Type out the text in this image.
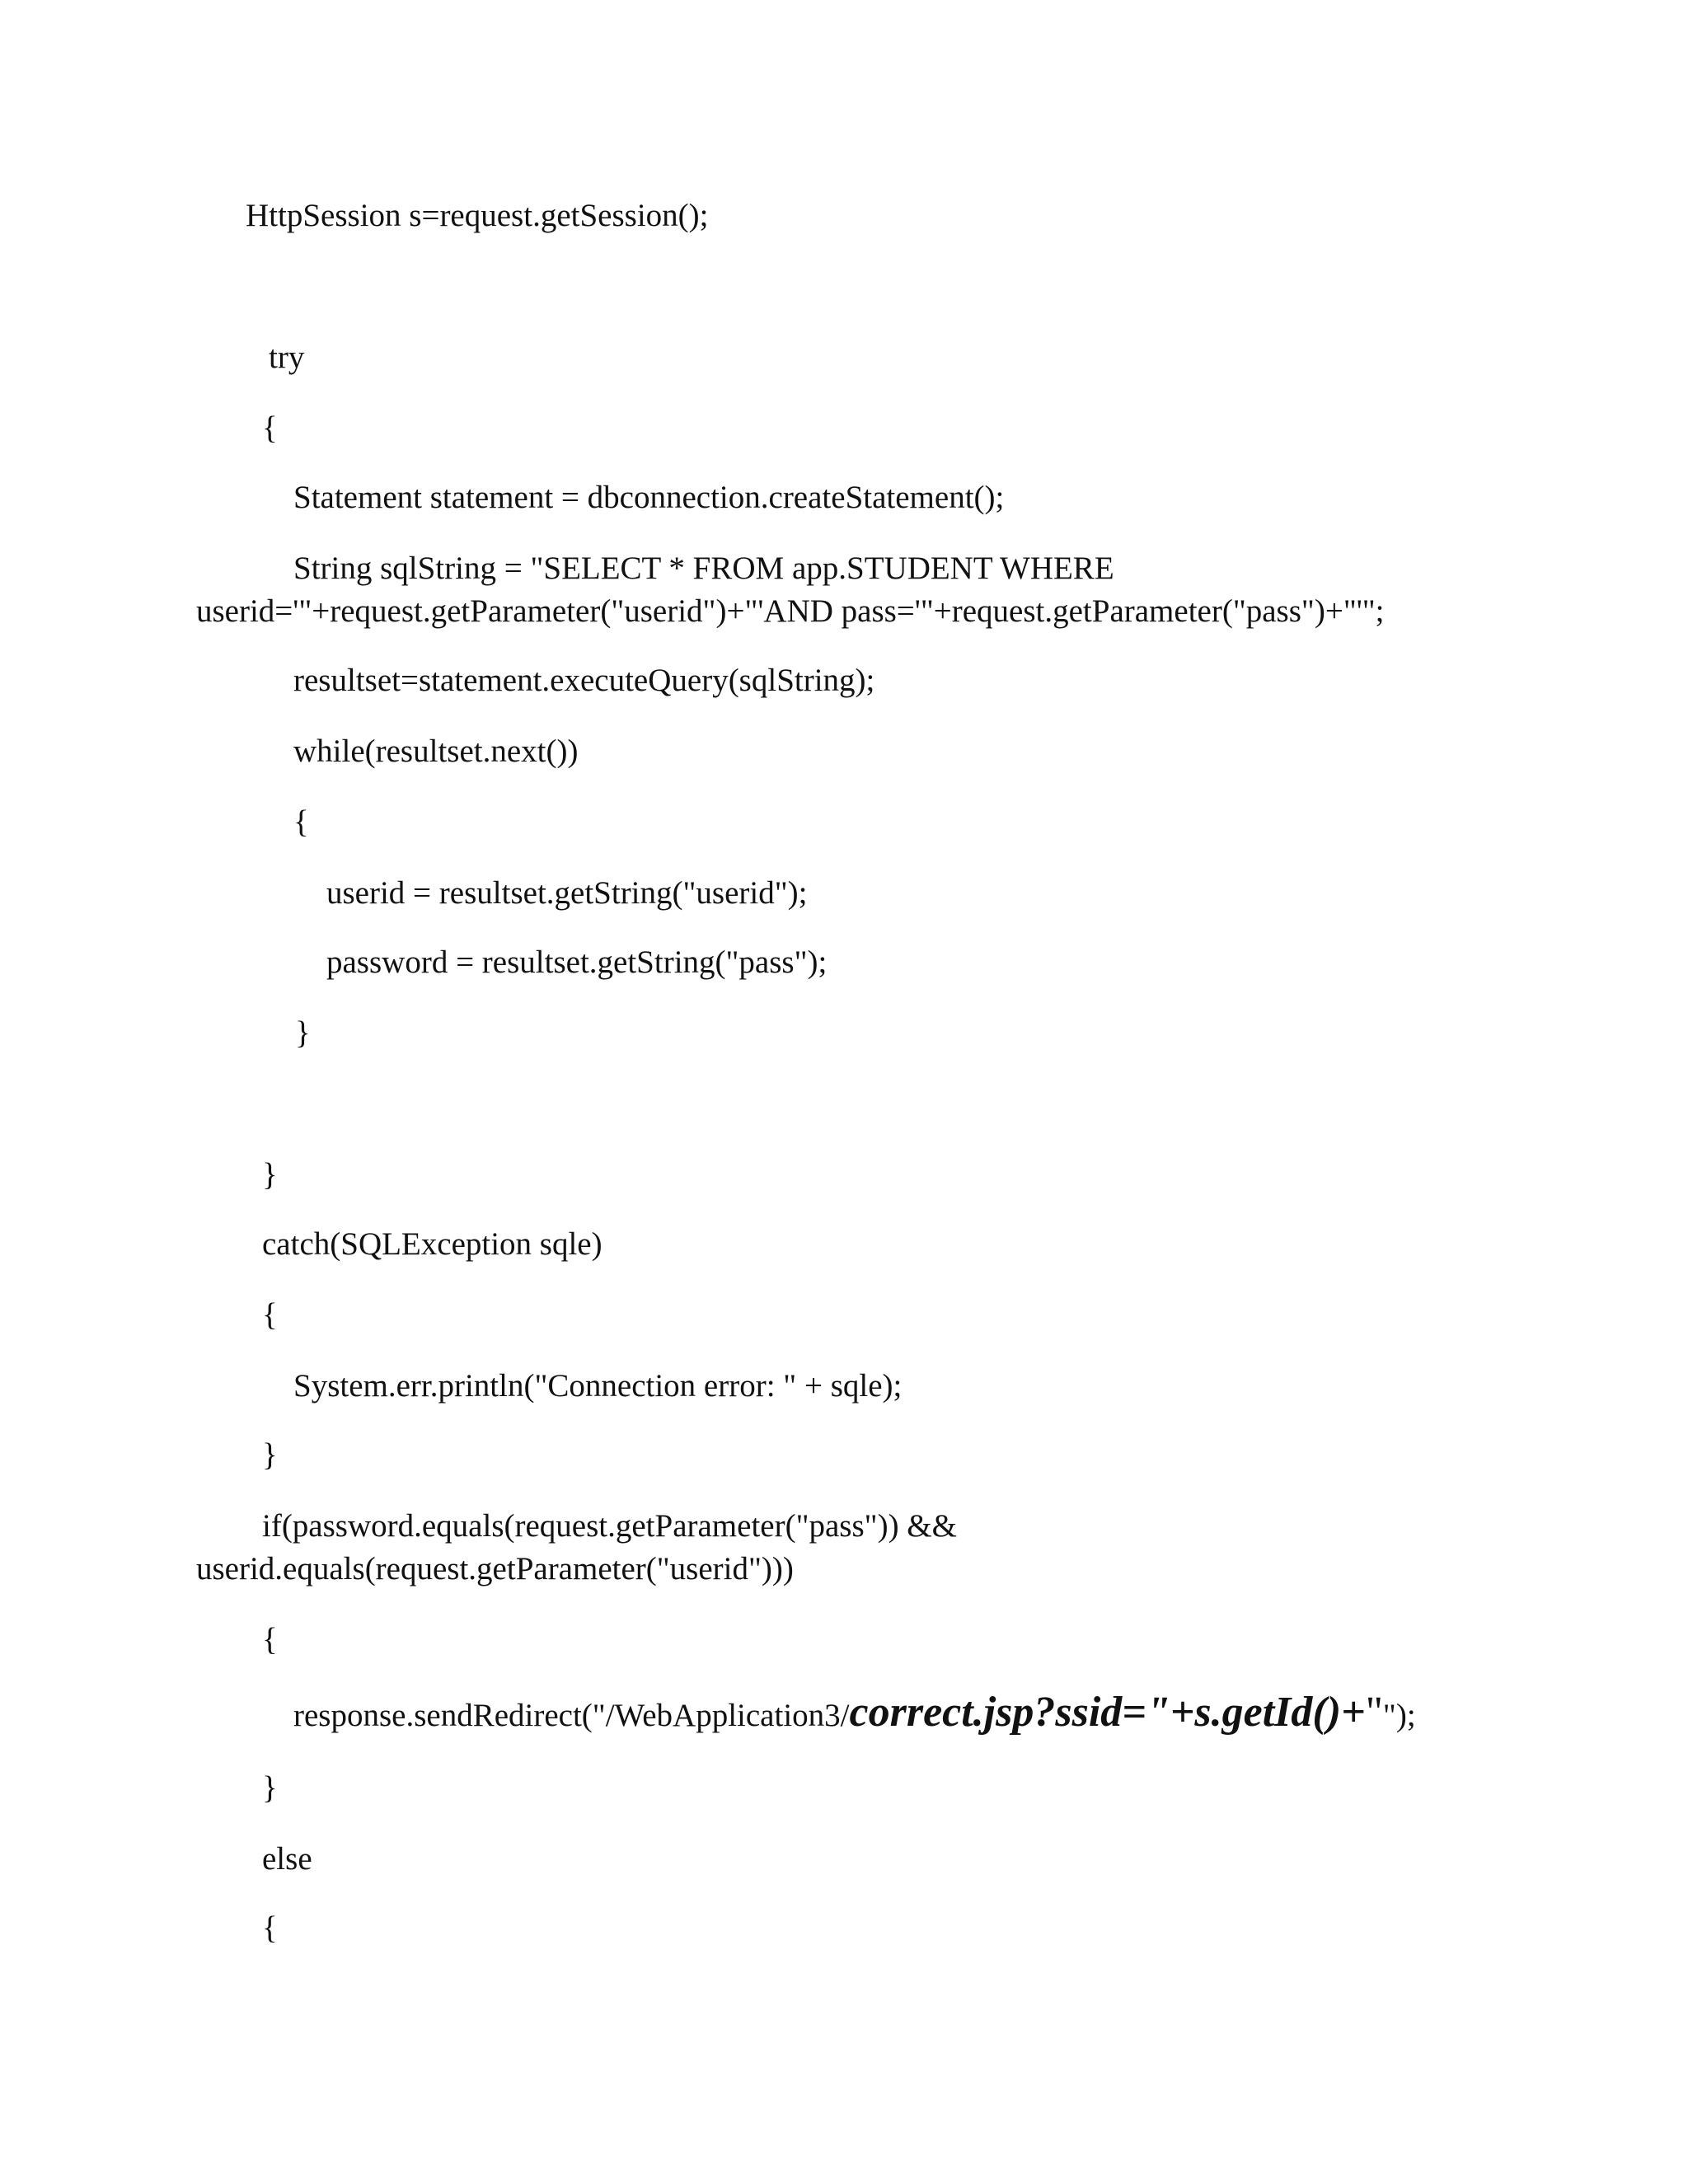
HttpSession s=request.getSession();

try

{

Statement statement = dbconnection.createStatement();

String sqlString = "SELECT * FROM app.STUDENT WHERE

userid='"+request.getParameter("userid")+"'AND pass='"+request.getParameter("pass")+"'";

resultset=statement.executeQuery(sqlString);

while(resultset.next())

{

userid = resultset.getString("userid");

password = resultset.getString("pass");

}

}

catch(SQLException sqle)

{

System.err.println("Connection error: " + sqle);

}

if(password.equals(request.getParameter("pass")) &&

userid.equals(request.getParameter("userid")))

{

response.sendRedirect("/WebApplication3/correct.jsp?ssid="+s.getId()+"");

}

else

{
